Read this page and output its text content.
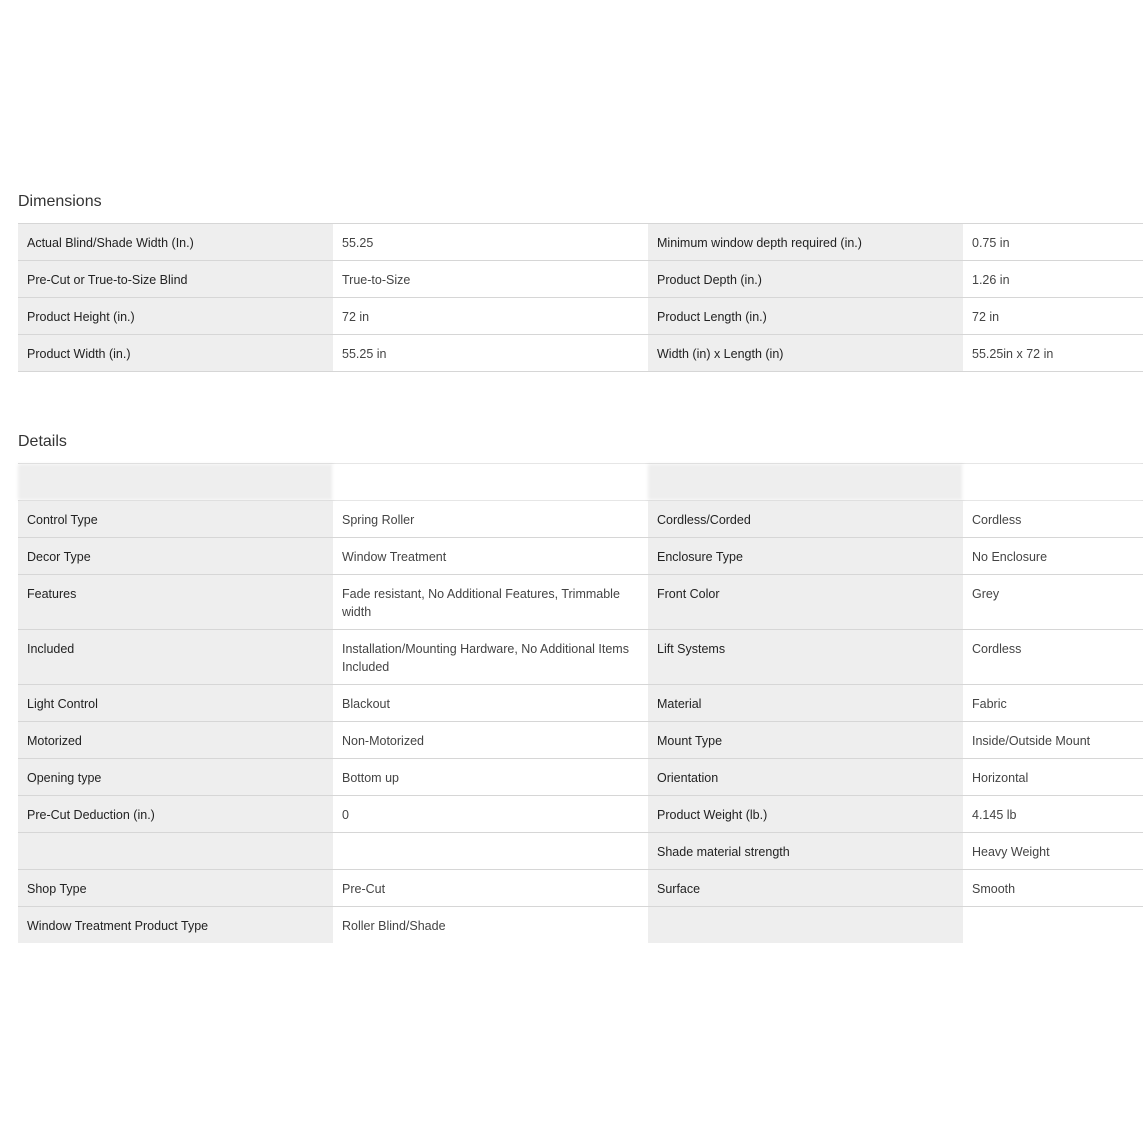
Dimensions
Actual Blind/Shade Width (In.)	55.25	Minimum window depth required (in.)	0.75 in
Pre-Cut or True-to-Size Blind	True-to-Size	Product Depth (in.)	1.26 in
Product Height (in.)	72 in	Product Length (in.)	72 in
Product Width (in.)	55.25 in	Width (in) x Length (in)	55.25in x 72 in
Details

Control Type	Spring Roller	Cordless/Corded	Cordless
Decor Type	Window Treatment	Enclosure Type	No Enclosure
Features	Fade resistant, No Additional Features, Trimmable width	Front Color	Grey
Included	Installation/Mounting Hardware, No Additional Items Included	Lift Systems	Cordless
Light Control	Blackout	Material	Fabric
Motorized	Non-Motorized	Mount Type	Inside/Outside Mount
Opening type	Bottom up	Orientation	Horizontal
Pre-Cut Deduction (in.)	0	Product Weight (lb.)	4.145 lb
		Shade material strength	Heavy Weight
Shop Type	Pre-Cut	Surface	Smooth
Window Treatment Product Type	Roller Blind/Shade		
